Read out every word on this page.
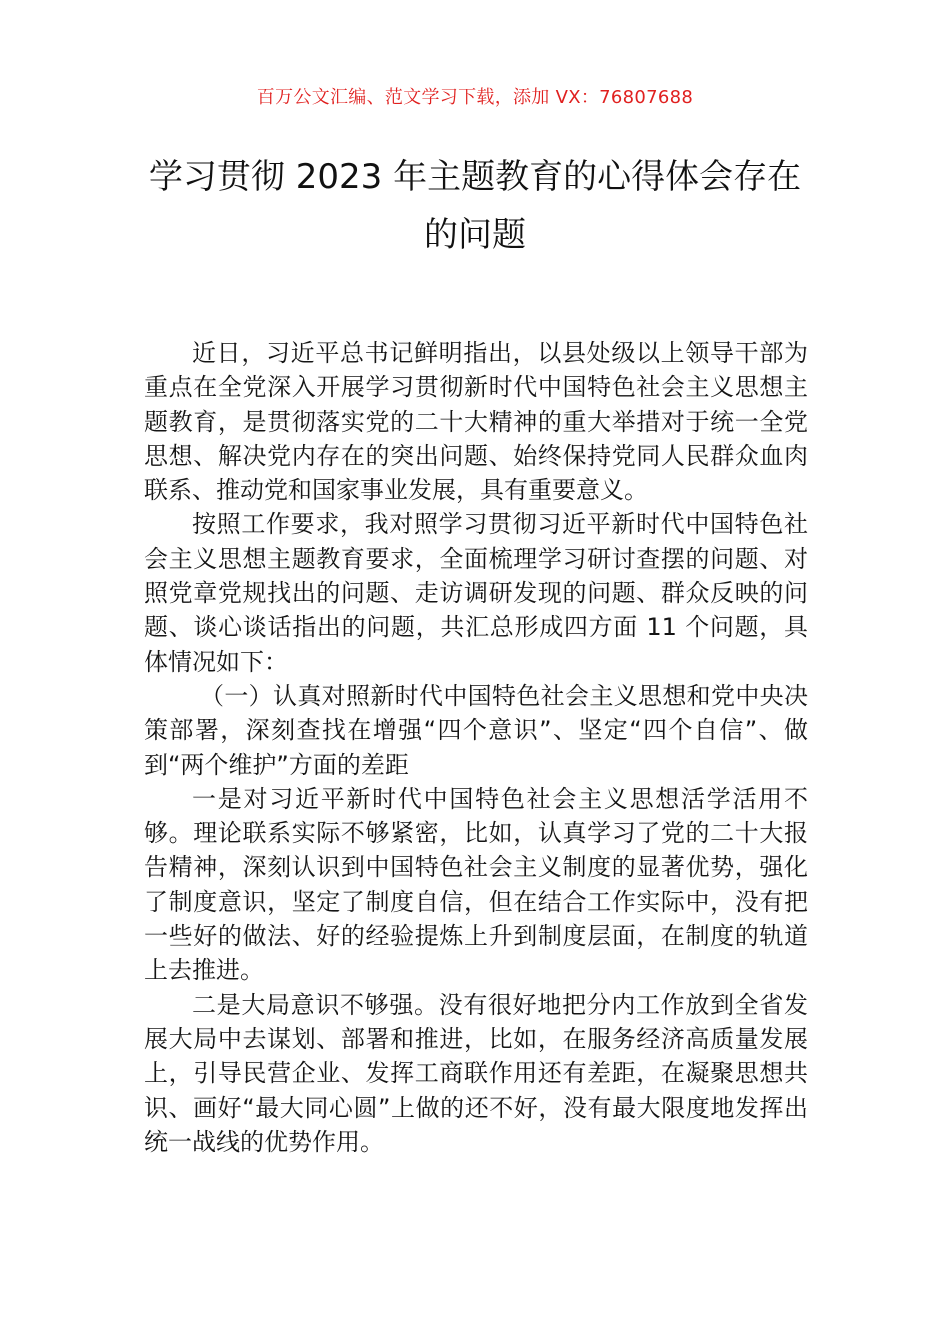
百万公文汇编、范文学习下载，添加 VX：76807688
学习贯彻 2023 年主题教育的心得体会存在
的问题

近日，习近平总书记鲜明指出，以县处级以上领导干部为重点在全党深入开展学习贯彻新时代中国特色社会主义思想主题教育，是贯彻落实党的二十大精神的重大举措对于统一全党思想、解决党内存在的突出问题、始终保持党同人民群众血肉联系、推动党和国家事业发展，具有重要意义。

按照工作要求，我对照学习贯彻习近平新时代中国特色社会主义思想主题教育要求，全面梳理学习研讨查摆的问题、对照党章党规找出的问题、走访调研发现的问题、群众反映的问题、谈心谈话指出的问题，共汇总形成四方面 11 个问题，具体情况如下：

（一）认真对照新时代中国特色社会主义思想和党中央决策部署，深刻查找在增强“四个意识”、坚定“四个自信”、做到“两个维护”方面的差距

一是对习近平新时代中国特色社会主义思想活学活用不够。理论联系实际不够紧密，比如，认真学习了党的二十大报告精神，深刻认识到中国特色社会主义制度的显著优势，强化了制度意识，坚定了制度自信，但在结合工作实际中，没有把一些好的做法、好的经验提炼上升到制度层面，在制度的轨道上去推进。

二是大局意识不够强。没有很好地把分内工作放到全省发展大局中去谋划、部署和推进，比如，在服务经济高质量发展上，引导民营企业、发挥工商联作用还有差距，在凝聚思想共识、画好“最大同心圆”上做的还不好，没有最大限度地发挥出统一战线的优势作用。
